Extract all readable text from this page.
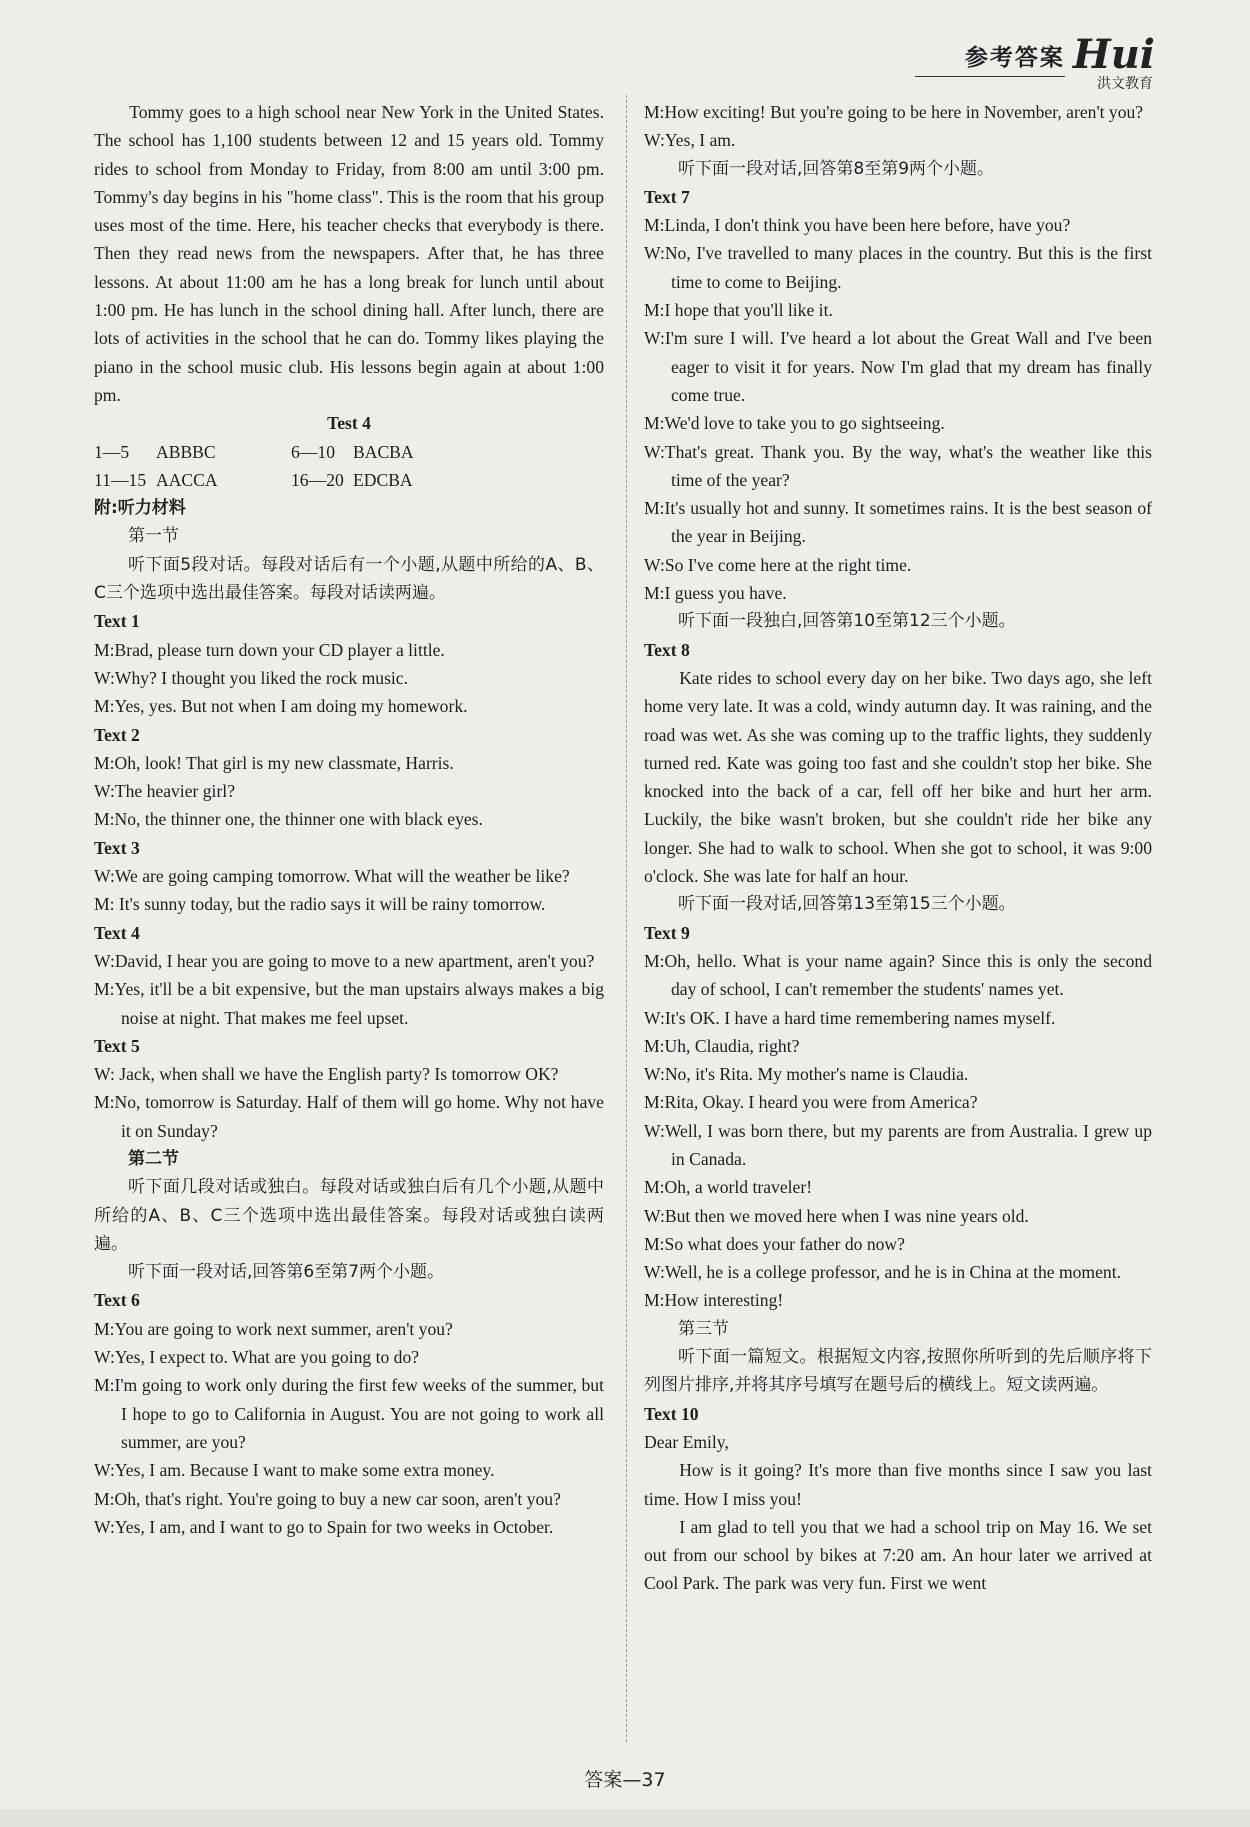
参考答案 Hui
洪文教育

Tommy goes to a high school near New York in the United States. The school has 1,100 students between 12 and 15 years old. Tommy rides to school from Monday to Friday, from 8:00 am until 3:00 pm. Tommy's day begins in his "home class". This is the room that his group uses most of the time. Here, his teacher checks that everybody is there. Then they read news from the newspapers. After that, he has three lessons. At about 11:00 am he has a long break for lunch until about 1:00 pm. He has lunch in the school dining hall. After lunch, there are lots of activities in the school that he can do. Tommy likes playing the piano in the school music club. His lessons begin again at about 1:00 pm.

Test 4

1—5	ABBBC	6—10	BACBA

11—15 AACCA	16—20 EDCBA

附:听力材料

第一节

听下面5段对话。每段对话后有一个小题,从题中所给的A、B、C三个选项中选出最佳答案。每段对话读两遍。

Text 1

M:Brad, please turn down your CD player a little.

W:Why? I thought you liked the rock music.

M:Yes, yes. But not when I am doing my homework.

Text 2

M:Oh, look! That girl is my new classmate, Harris.

W:The heavier girl?

M:No, the thinner one, the thinner one with black eyes.

Text 3

W:We are going camping tomorrow. What will the weather be like?

M: It's sunny today, but the radio says it will be rainy tomorrow.

Text 4

W:David, I hear you are going to move to a new apartment, aren't you?

M:Yes, it'll be a bit expensive, but the man upstairs always makes a big noise at night. That makes me feel upset.

Text 5

W: Jack, when shall we have the English party? Is tomorrow OK?

M:No, tomorrow is Saturday. Half of them will go home. Why not have it on Sunday?

第二节

听下面几段对话或独白。每段对话或独白后有几个小题,从题中所给的A、B、C三个选项中选出最佳答案。每段对话或独白读两遍。

听下面一段对话,回答第6至第7两个小题。

Text 6

M:You are going to work next summer, aren't you?

W:Yes, I expect to. What are you going to do?

M:I'm going to work only during the first few weeks of the summer, but I hope to go to California in August. You are not going to work all summer, are you?

W:Yes, I am. Because I want to make some extra money.

M:Oh, that's right. You're going to buy a new car soon, aren't you?

W:Yes, I am, and I want to go to Spain for two weeks in October.

M:How exciting! But you're going to be here in November, aren't you?

W:Yes, I am.

听下面一段对话,回答第8至第9两个小题。

Text 7

M:Linda, I don't think you have been here before, have you?

W:No, I've travelled to many places in the country. But this is the first time to come to Beijing.

M:I hope that you'll like it.

W:I'm sure I will. I've heard a lot about the Great Wall and I've been eager to visit it for years. Now I'm glad that my dream has finally come true.

M:We'd love to take you to go sightseeing.

W:That's great. Thank you. By the way, what's the weather like this time of the year?

M:It's usually hot and sunny. It sometimes rains. It is the best season of the year in Beijing.

W:So I've come here at the right time.

M:I guess you have.

听下面一段独白,回答第10至第12三个小题。

Text 8

Kate rides to school every day on her bike. Two days ago, she left home very late. It was a cold, windy autumn day. It was raining, and the road was wet. As she was coming up to the traffic lights, they suddenly turned red. Kate was going too fast and she couldn't stop her bike. She knocked into the back of a car, fell off her bike and hurt her arm. Luckily, the bike wasn't broken, but she couldn't ride her bike any longer. She had to walk to school. When she got to school, it was 9:00 o'clock. She was late for half an hour.

听下面一段对话,回答第13至第15三个小题。

Text 9

M:Oh, hello. What is your name again? Since this is only the second day of school, I can't remember the students' names yet.

W:It's OK. I have a hard time remembering names myself.

M:Uh, Claudia, right?

W:No, it's Rita. My mother's name is Claudia.

M:Rita, Okay. I heard you were from America?

W:Well, I was born there, but my parents are from Australia. I grew up in Canada.

M:Oh, a world traveler!

W:But then we moved here when I was nine years old.

M:So what does your father do now?

W:Well, he is a college professor, and he is in China at the moment.

M:How interesting!

第三节

听下面一篇短文。根据短文内容,按照你所听到的先后顺序将下列图片排序,并将其序号填写在题号后的横线上。短文读两遍。

Text 10

Dear Emily,

How is it going? It's more than five months since I saw you last time. How I miss you!

I am glad to tell you that we had a school trip on May 16. We set out from our school by bikes at 7:20 am. An hour later we arrived at Cool Park. The park was very fun. First we went

答案—37
